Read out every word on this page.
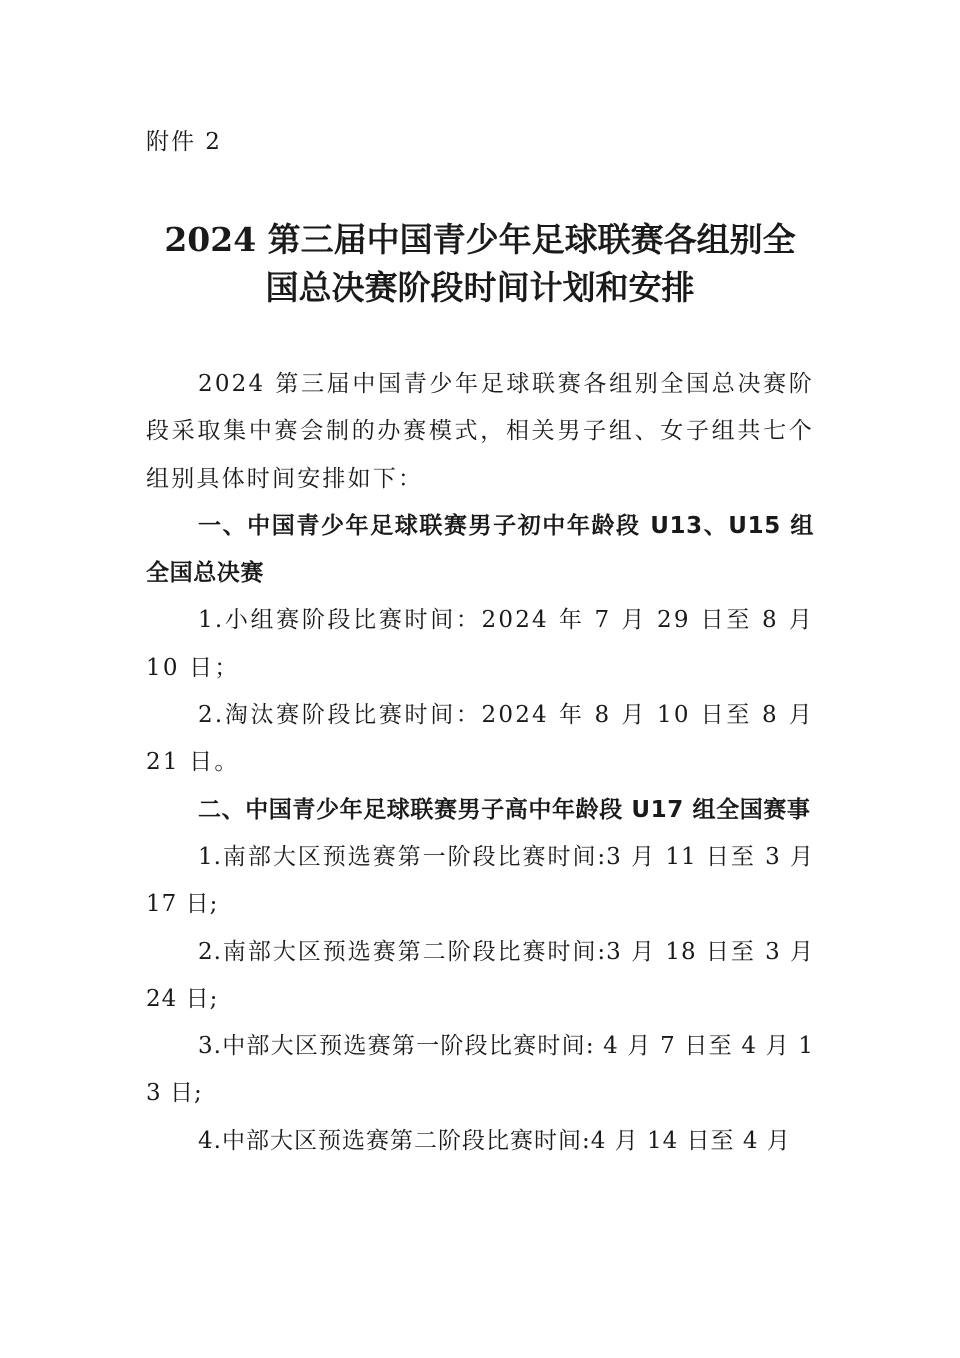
附件 2
2024 第三届中国青少年足球联赛各组别全
国总决赛阶段时间计划和安排

2024 第三届中国青少年足球联赛各组别全国总决赛阶段采取集中赛会制的办赛模式，相关男子组、女子组共七个组别具体时间安排如下：

一、中国青少年足球联赛男子初中年龄段 U13、U15 组全国总决赛

1.小组赛阶段比赛时间：2024 年 7 月 29 日至 8 月 10 日；

2.淘汰赛阶段比赛时间：2024 年 8 月 10 日至 8 月 21 日。

二、中国青少年足球联赛男子高中年龄段 U17 组全国赛事

1.南部大区预选赛第一阶段比赛时间:3 月 11 日至 3 月 17 日;

2.南部大区预选赛第二阶段比赛时间:3 月 18 日至 3 月 24 日;

3.中部大区预选赛第一阶段比赛时间: 4 月 7 日至 4 月 13 日;

4.中部大区预选赛第二阶段比赛时间:4 月 14 日至 4 月
